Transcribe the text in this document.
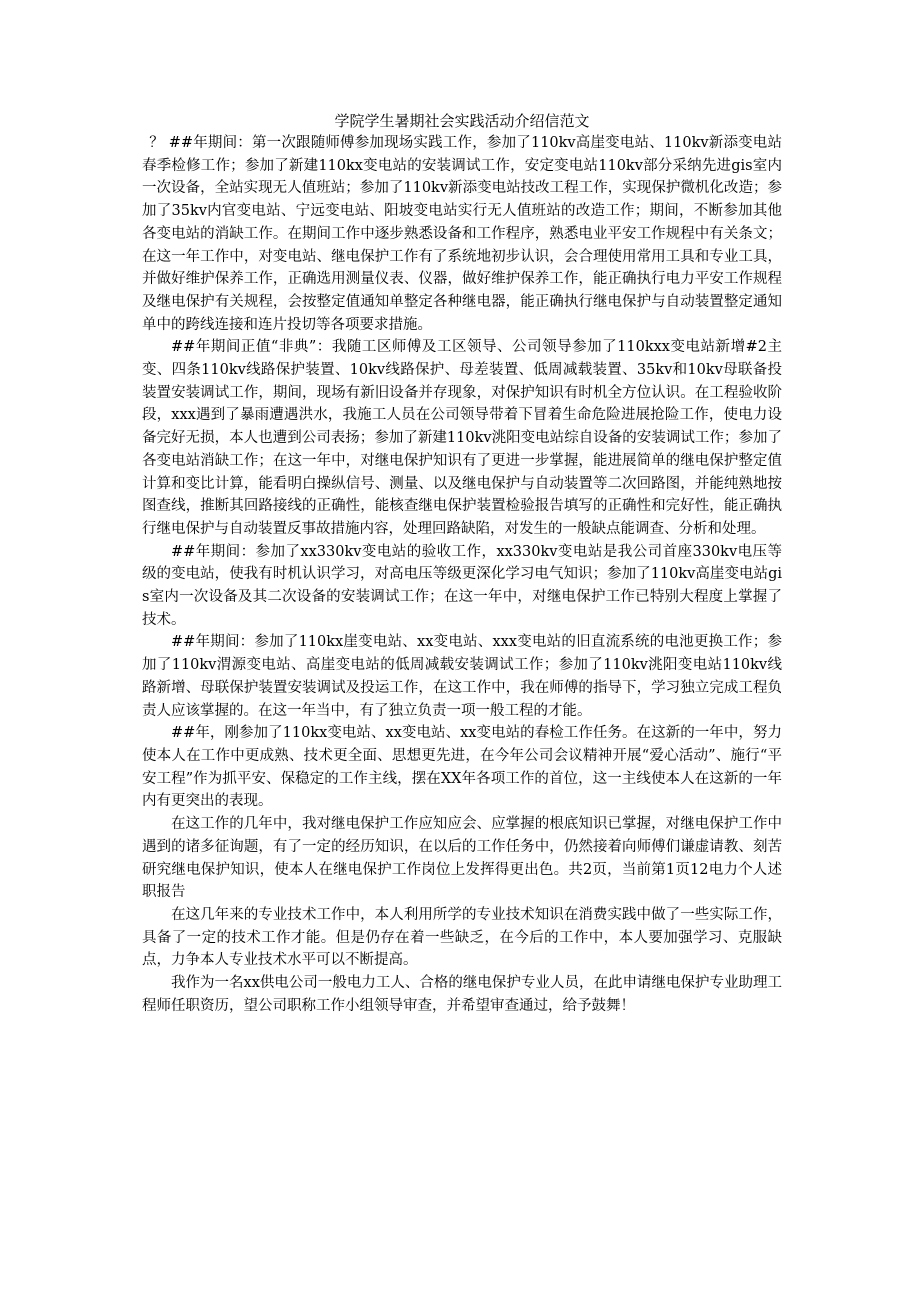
学院学生暑期社会实践活动介绍信范文

？ ##年期间：第一次跟随师傅参加现场实践工作，参加了110kv高崖变电站、110kv新添变电站春季检修工作；参加了新建110kx变电站的安装调试工作，安定变电站110kv部分采纳先进gis室内一次设备，全站实现无人值班站；参加了110kv新添变电站技改工程工作，实现保护微机化改造；参加了35kv内官变电站、宁远变电站、阳坡变电站实行无人值班站的改造工作；期间，不断参加其他各变电站的消缺工作。在期间工作中逐步熟悉设备和工作程序，熟悉电业平安工作规程中有关条文；在这一年工作中，对变电站、继电保护工作有了系统地初步认识，会合理使用常用工具和专业工具，并做好维护保养工作，正确选用测量仪表、仪器，做好维护保养工作，能正确执行电力平安工作规程及继电保护有关规程，会按整定值通知单整定各种继电器，能正确执行继电保护与自动装置整定通知单中的跨线连接和连片投切等各项要求措施。

##年期间正值“非典”：我随工区师傅及工区领导、公司领导参加了110kxx变电站新增#2主变、四条110kv线路保护装置、10kv线路保护、母差装置、低周减载装置、35kv和10kv母联备投装置安装调试工作，期间，现场有新旧设备并存现象，对保护知识有时机全方位认识。在工程验收阶段，xxx遇到了暴雨遭遇洪水，我施工人员在公司领导带着下冒着生命危险进展抢险工作，使电力设备完好无损，本人也遭到公司表扬；参加了新建110kv洮阳变电站综自设备的安装调试工作；参加了各变电站消缺工作；在这一年中，对继电保护知识有了更进一步掌握，能进展简单的继电保护整定值计算和变比计算，能看明白操纵信号、测量、以及继电保护与自动装置等二次回路图，并能纯熟地按图查线，推断其回路接线的正确性，能核查继电保护装置检验报告填写的正确性和完好性，能正确执行继电保护与自动装置反事故措施内容，处理回路缺陷，对发生的一般缺点能调查、分析和处理。

##年期间：参加了xx330kv变电站的验收工作，xx330kv变电站是我公司首座330kv电压等级的变电站，使我有时机认识学习，对高电压等级更深化学习电气知识；参加了110kv高崖变电站gis室内一次设备及其二次设备的安装调试工作；在这一年中，对继电保护工作已特别大程度上掌握了技术。

##年期间：参加了110kx崖变电站、xx变电站、xxx变电站的旧直流系统的电池更换工作；参加了110kv渭源变电站、高崖变电站的低周减载安装调试工作；参加了110kv洮阳变电站110kv线路新增、母联保护装置安装调试及投运工作，在这工作中，我在师傅的指导下，学习独立完成工程负责人应该掌握的。在这一年当中，有了独立负责一项一般工程的才能。

##年，刚参加了110kx变电站、xx变电站、xx变电站的春检工作任务。在这新的一年中，努力使本人在工作中更成熟、技术更全面、思想更先进，在今年公司会议精神开展“爱心活动”、施行“平安工程”作为抓平安、保稳定的工作主线，摆在XX年各项工作的首位，这一主线使本人在这新的一年内有更突出的表现。

在这工作的几年中，我对继电保护工作应知应会、应掌握的根底知识已掌握，对继电保护工作中遇到的诸多征询题，有了一定的经历知识，在以后的工作任务中，仍然接着向师傅们谦虚请教、刻苦研究继电保护知识，使本人在继电保护工作岗位上发挥得更出色。共2页，当前第1页12电力个人述职报告

在这几年来的专业技术工作中，本人利用所学的专业技术知识在消费实践中做了一些实际工作，具备了一定的技术工作才能。但是仍存在着一些缺乏，在今后的工作中，本人要加强学习、克服缺点，力争本人专业技术水平可以不断提高。

我作为一名xx供电公司一般电力工人、合格的继电保护专业人员，在此申请继电保护专业助理工程师任职资历，望公司职称工作小组领导审查，并希望审查通过，给予鼓舞！
